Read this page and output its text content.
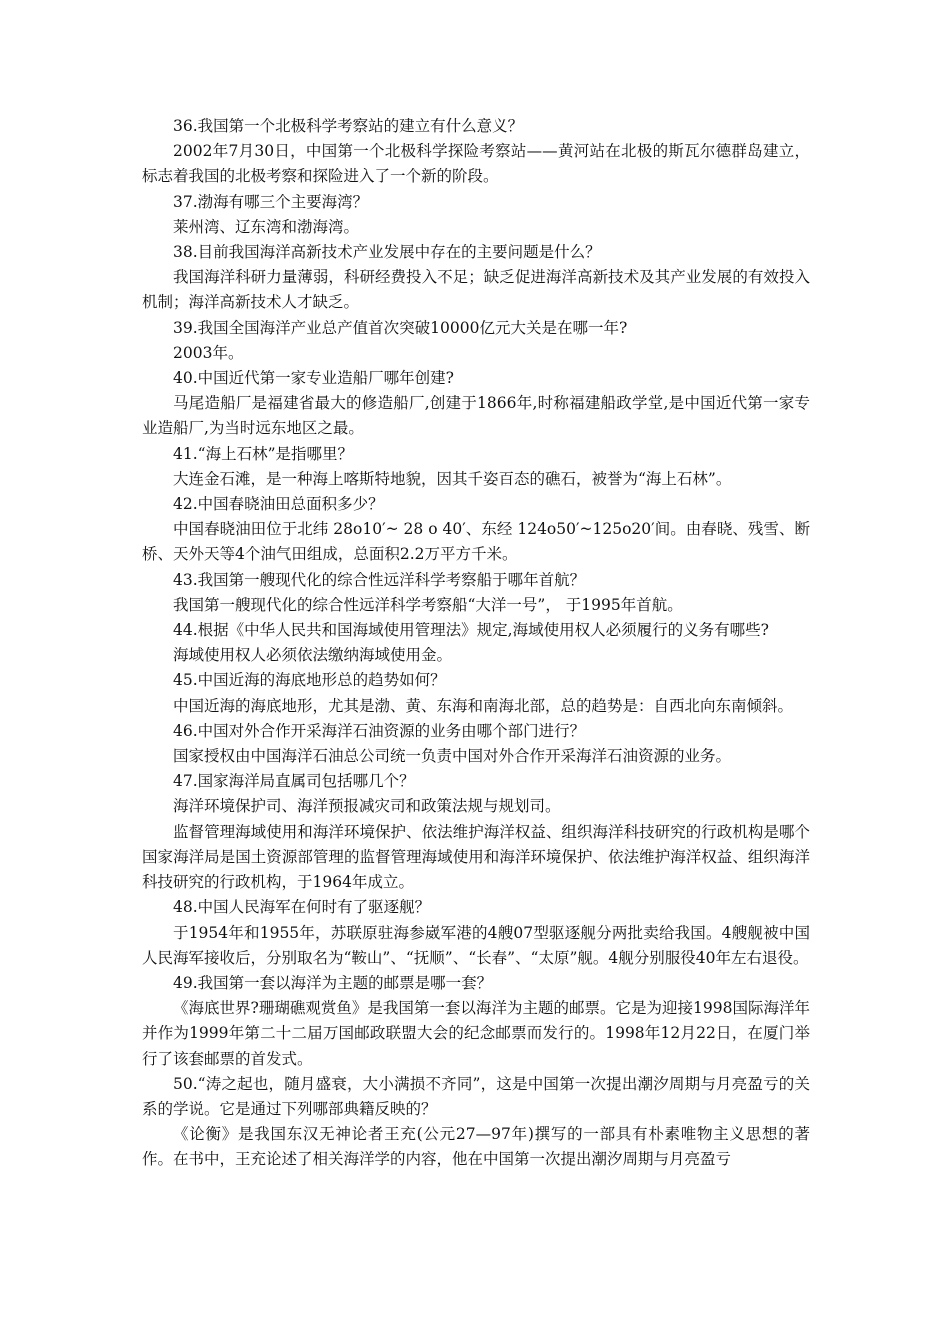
36.我国第一个北极科学考察站的建立有什么意义？

2002年7月30日，中国第一个北极科学探险考察站——黄河站在北极的斯瓦尔德群岛建立，标志着我国的北极考察和探险进入了一个新的阶段。

37.渤海有哪三个主要海湾？

莱州湾、辽东湾和渤海湾。

38.目前我国海洋高新技术产业发展中存在的主要问题是什么？

我国海洋科研力量薄弱，科研经费投入不足；缺乏促进海洋高新技术及其产业发展的有效投入机制；海洋高新技术人才缺乏。

39.我国全国海洋产业总产值首次突破10000亿元大关是在哪一年?

2003年。

40.中国近代第一家专业造船厂哪年创建?

马尾造船厂是福建省最大的修造船厂,创建于1866年,时称福建船政学堂,是中国近代第一家专业造船厂,为当时远东地区之最。

41.“海上石林”是指哪里？

大连金石滩，是一种海上喀斯特地貌，因其千姿百态的礁石，被誉为“海上石林”。

42.中国春晓油田总面积多少？

中国春晓油田位于北纬 28o10′~ 28 o 40′、东经 124o50′~125o20′间。由春晓、残雪、断桥、天外天等4个油气田组成，总面积2.2万平方千米。

43.我国第一艘现代化的综合性远洋科学考察船于哪年首航？

我国第一艘现代化的综合性远洋科学考察船“大洋一号”， 于1995年首航。

44.根据《中华人民共和国海域使用管理法》规定,海域使用权人必须履行的义务有哪些?

海域使用权人必须依法缴纳海域使用金。

45.中国近海的海底地形总的趋势如何？

中国近海的海底地形，尤其是渤、黄、东海和南海北部，总的趋势是：自西北向东南倾斜。

46.中国对外合作开采海洋石油资源的业务由哪个部门进行？

国家授权由中国海洋石油总公司统一负责中国对外合作开采海洋石油资源的业务。

47.国家海洋局直属司包括哪几个？

海洋环境保护司、海洋预报减灾司和政策法规与规划司。

监督管理海域使用和海洋环境保护、依法维护海洋权益、组织海洋科技研究的行政机构是哪个国家海洋局是国土资源部管理的监督管理海域使用和海洋环境保护、依法维护海洋权益、组织海洋科技研究的行政机构，于1964年成立。

48.中国人民海军在何时有了驱逐舰？

于1954年和1955年，苏联原驻海参崴军港的4艘07型驱逐舰分两批卖给我国。4艘舰被中国人民海军接收后，分别取名为“鞍山”、“抚顺”、“长春”、“太原”舰。4舰分别服役40年左右退役。

49.我国第一套以海洋为主题的邮票是哪一套？

《海底世界?珊瑚礁观赏鱼》是我国第一套以海洋为主题的邮票。它是为迎接1998国际海洋年并作为1999年第二十二届万国邮政联盟大会的纪念邮票而发行的。1998年12月22日，在厦门举行了该套邮票的首发式。

50.“涛之起也，随月盛衰，大小满损不齐同”，这是中国第一次提出潮汐周期与月亮盈亏的关系的学说。它是通过下列哪部典籍反映的？

《论衡》是我国东汉无神论者王充(公元27—97年)撰写的一部具有朴素唯物主义思想的著作。在书中，王充论述了相关海洋学的内容，他在中国第一次提出潮汐周期与月亮盈亏
